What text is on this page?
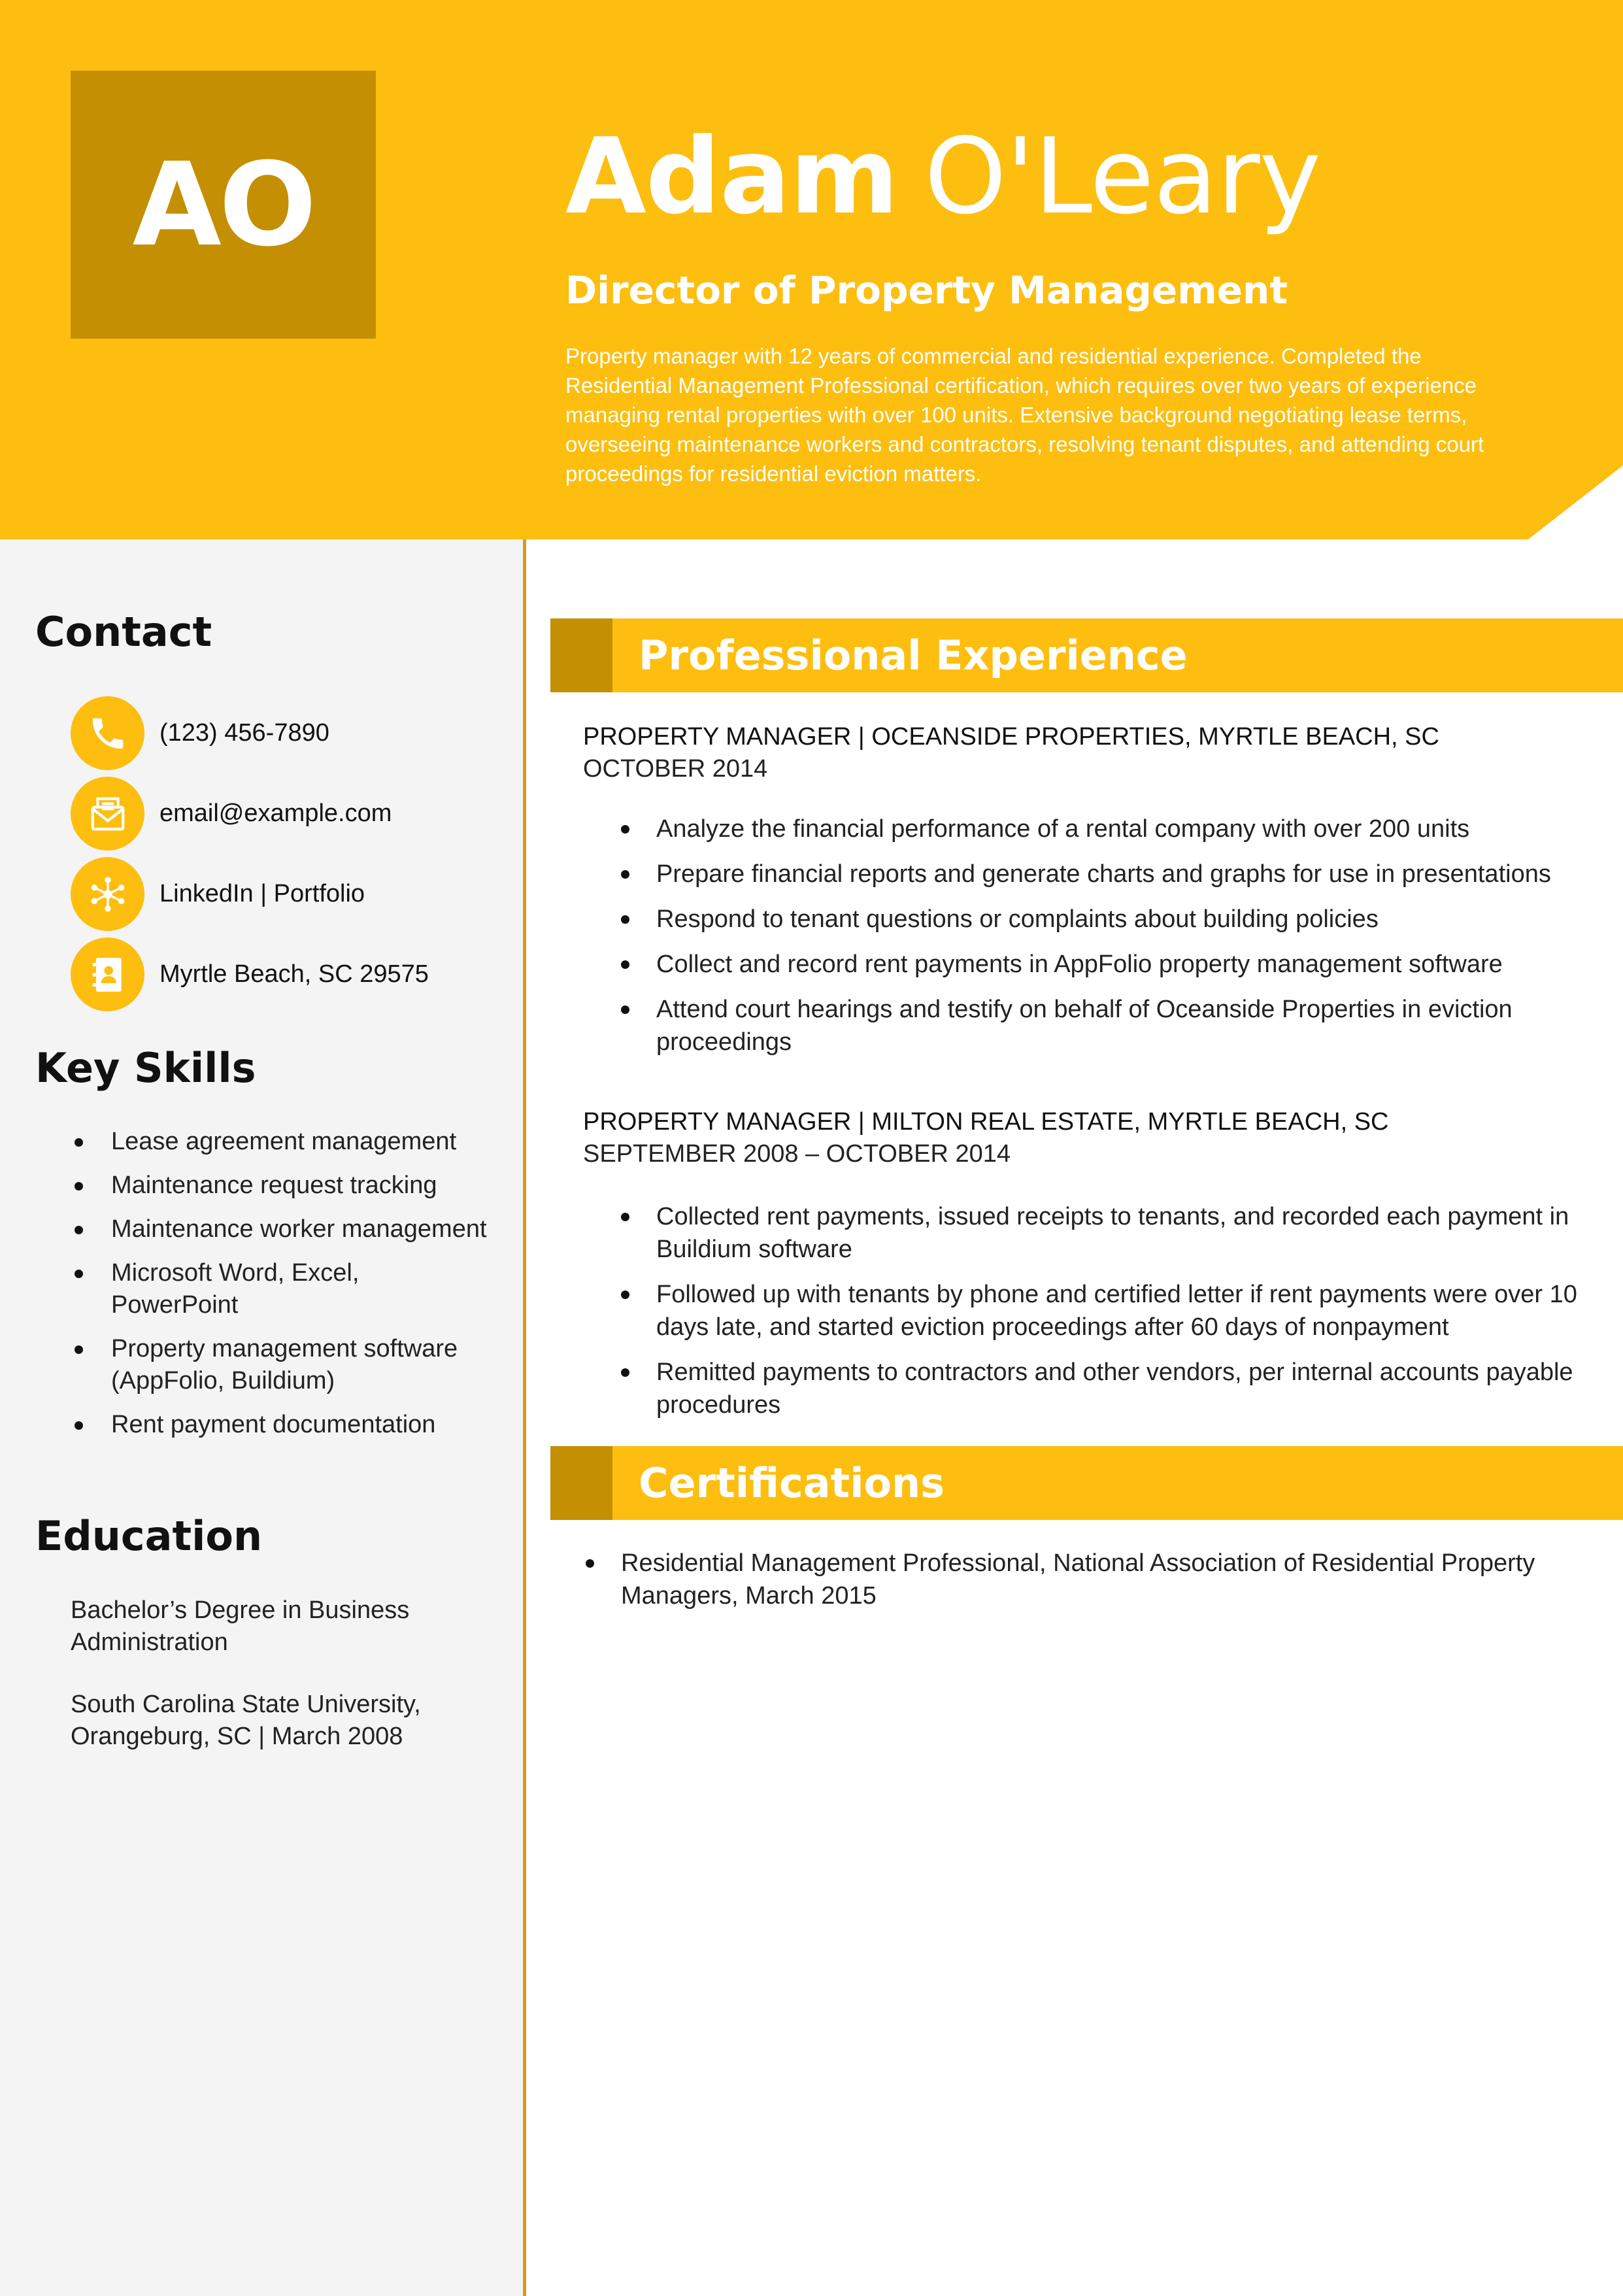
AO Adam O'Leary
Director of Property Management
Property manager with 12 years of commercial and residential experience. Completed the Residential Management Professional certification, which requires over two years of experience managing rental properties with over 100 units. Extensive background negotiating lease terms, overseeing maintenance workers and contractors, resolving tenant disputes, and attending court proceedings for residential eviction matters.
Contact
(123) 456-7890
email@example.com
LinkedIn | Portfolio
Myrtle Beach, SC 29575
Key Skills
Lease agreement management
Maintenance request tracking
Maintenance worker management
Microsoft Word, Excel, PowerPoint
Property management software (AppFolio, Buildium)
Rent payment documentation
Education
Bachelor’s Degree in Business Administration
South Carolina State University, Orangeburg, SC | March 2008
Professional Experience
PROPERTY MANAGER | OCEANSIDE PROPERTIES, MYRTLE BEACH, SC
OCTOBER 2014
Analyze the financial performance of a rental company with over 200 units
Prepare financial reports and generate charts and graphs for use in presentations
Respond to tenant questions or complaints about building policies
Collect and record rent payments in AppFolio property management software
Attend court hearings and testify on behalf of Oceanside Properties in eviction proceedings
PROPERTY MANAGER | MILTON REAL ESTATE, MYRTLE BEACH, SC
SEPTEMBER 2008 – OCTOBER 2014
Collected rent payments, issued receipts to tenants, and recorded each payment in Buildium software
Followed up with tenants by phone and certified letter if rent payments were over 10 days late, and started eviction proceedings after 60 days of nonpayment
Remitted payments to contractors and other vendors, per internal accounts payable procedures
Certifications
Residential Management Professional, National Association of Residential Property Managers, March 2015
